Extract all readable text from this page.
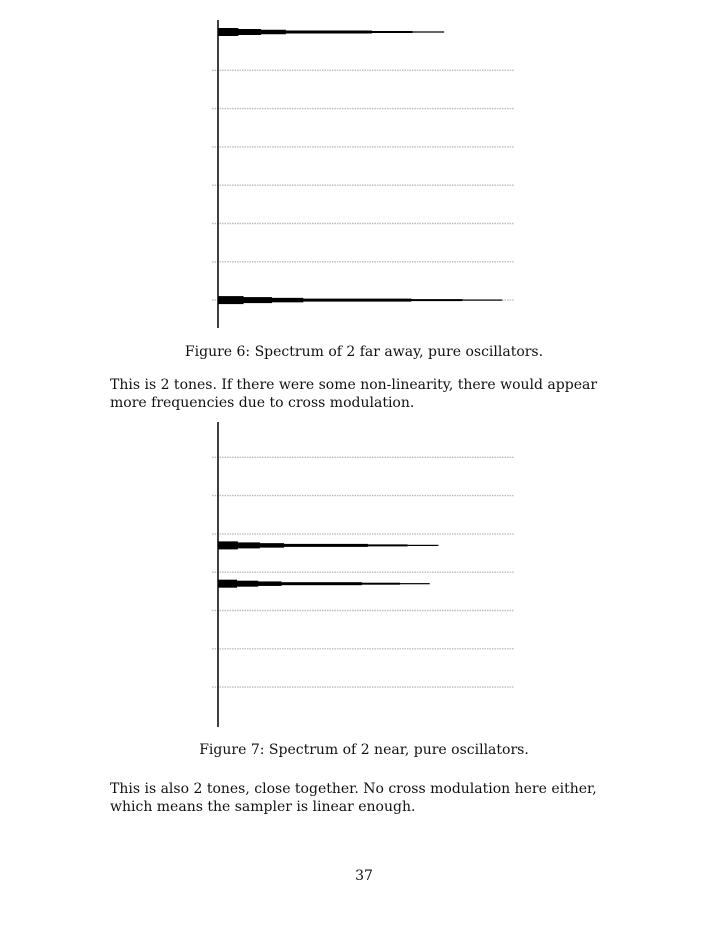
Figure 6: Spectrum of 2 far away, pure oscillators.
This is 2 tones. If there were some non-linearity, there would appear more frequencies due to cross modulation.
Figure 7: Spectrum of 2 near, pure oscillators.
This is also 2 tones, close together. No cross modulation here either, which means the sampler is linear enough.
37
